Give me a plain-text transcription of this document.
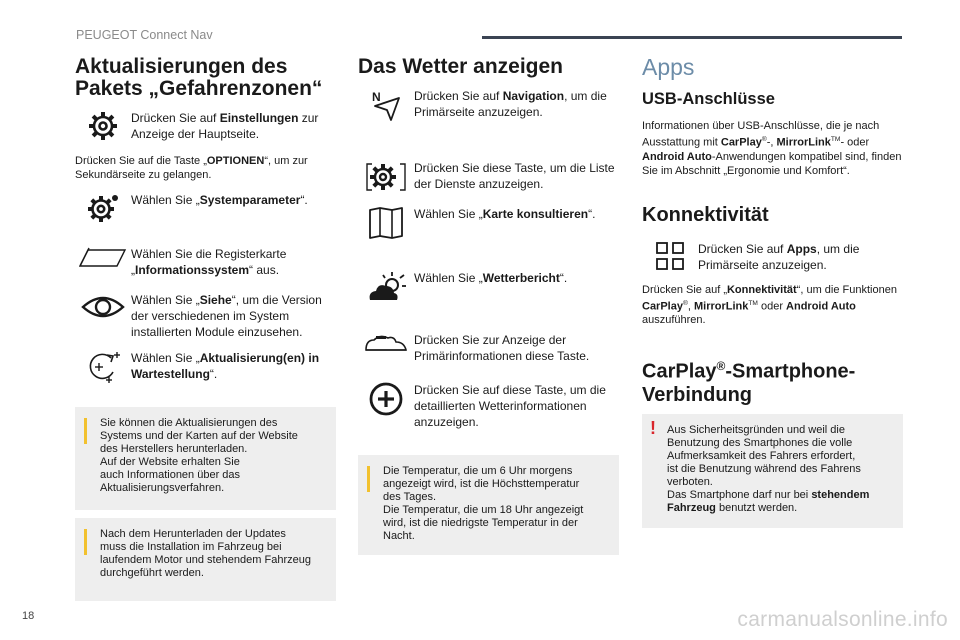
PEUGEOT Connect Nav
Aktualisierungen des
Pakets „Gefahrenzonen“
Drücken Sie auf Einstellungen zur Anzeige der Hauptseite.

Drücken Sie auf die Taste „OPTIONEN“, um zur Sekundärseite zu gelangen.

Wählen Sie „Systemparameter“.
Wählen Sie die Registerkarte „Informationssystem“ aus.
Wählen Sie „Siehe“, um die Version der verschiedenen im System installierten Module einzusehen.
Wählen Sie „Aktualisierung(en) in Wartestellung“.
Sie können die Aktualisierungen des
Systems und der Karten auf der Website
des Herstellers herunterladen.
Auf der Website erhalten Sie
auch Informationen über das
Aktualisierungsverfahren.
Nach dem Herunterladen der Updates
muss die Installation im Fahrzeug bei
laufendem Motor und stehendem Fahrzeug
durchgeführt werden.
Das Wetter anzeigen
N	Drücken Sie auf Navigation, um die Primärseite anzuzeigen.
Drücken Sie diese Taste, um die Liste der Dienste anzuzeigen.
Wählen Sie „Karte konsultieren“.
Wählen Sie „Wetterbericht“.
Drücken Sie zur Anzeige der Primärinformationen diese Taste.
Drücken Sie auf diese Taste, um die detaillierten Wetterinformationen anzuzeigen.
Die Temperatur, die um 6 Uhr morgens
angezeigt wird, ist die Höchsttemperatur
des Tages.
Die Temperatur, die um 18 Uhr angezeigt
wird, ist die niedrigste Temperatur in der
Nacht.
Apps
USB-Anschlüsse

Informationen über USB-Anschlüsse, die je nach Ausstattung mit CarPlay®-, MirrorLink™- oder Android Auto-Anwendungen kompatibel sind, finden Sie im Abschnitt „Ergonomie und Komfort“.

Konnektivität
Drücken Sie auf Apps, um die Primärseite anzuzeigen.

Drücken Sie auf „Konnektivität“, um die Funktionen CarPlay®, MirrorLink™ oder Android Auto auszuführen.

CarPlay®-Smartphone-
Verbindung
! Aus Sicherheitsgründen und weil die
Benutzung des Smartphones die volle
Aufmerksamkeit des Fahrers erfordert,
ist die Benutzung während des Fahrens
verboten.
Das Smartphone darf nur bei stehendem
Fahrzeug benutzt werden.
18	carmanualsonline.info
